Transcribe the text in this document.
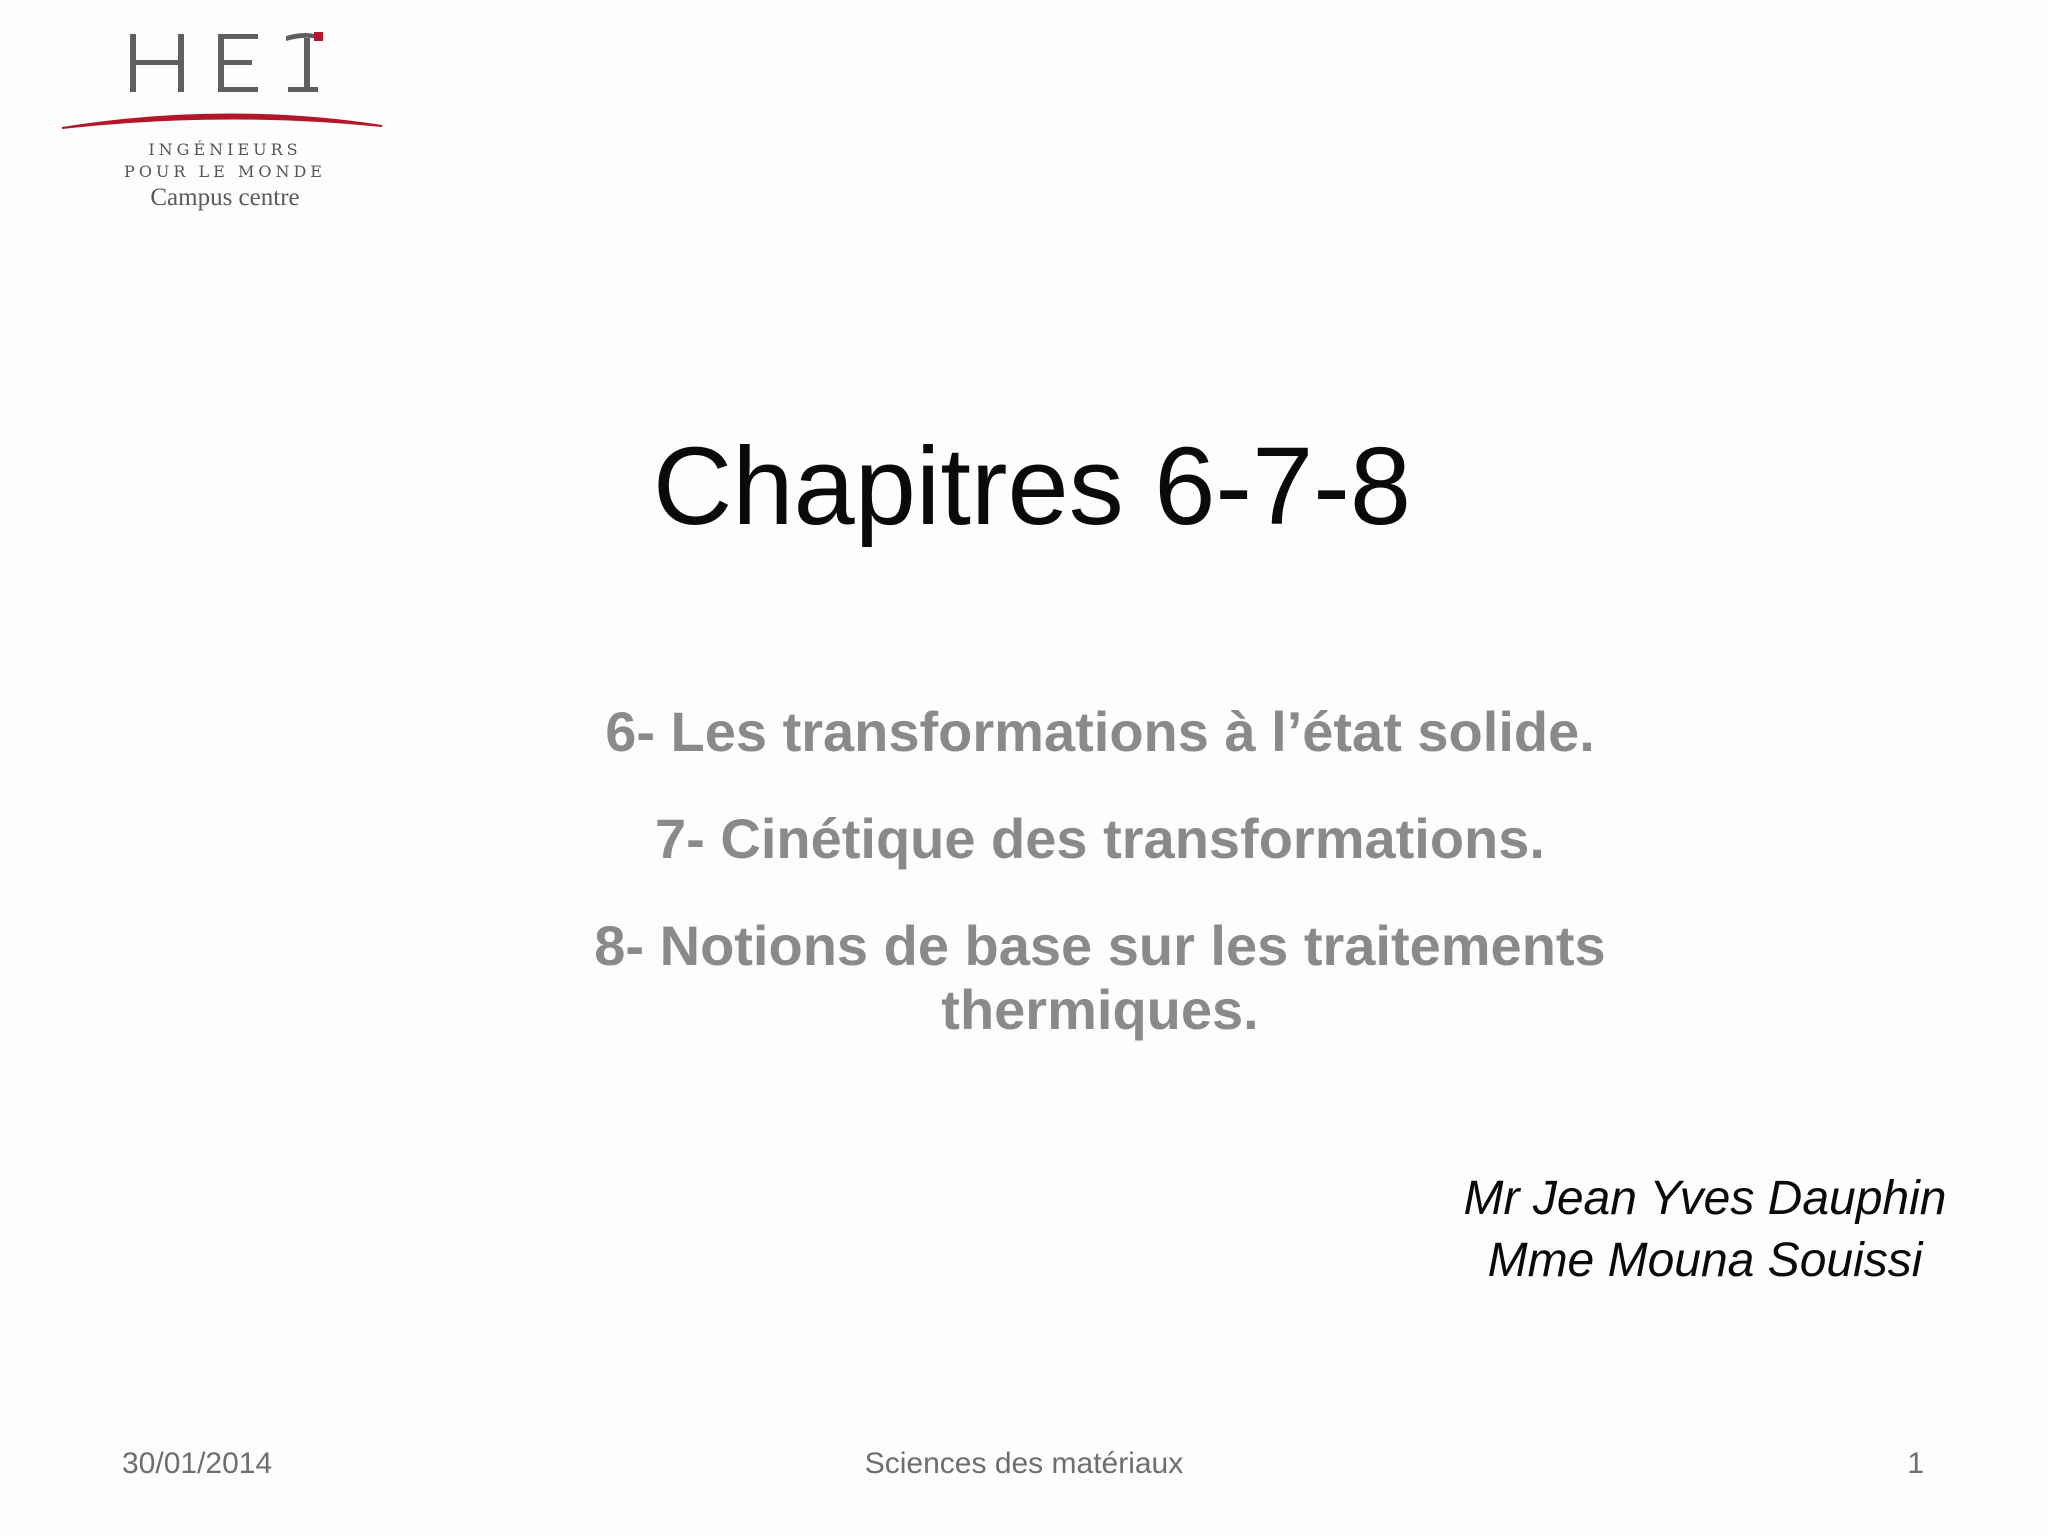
INGÉNIEURS
POUR LE MONDE
Campus centre
Chapitres 6-7-8
6- Les transformations à l’état solide.
7- Cinétique des transformations.
8- Notions de base sur les traitements thermiques.
Mr Jean Yves Dauphin
Mme Mouna Souissi
30/01/2014	Sciences des matériaux	1
